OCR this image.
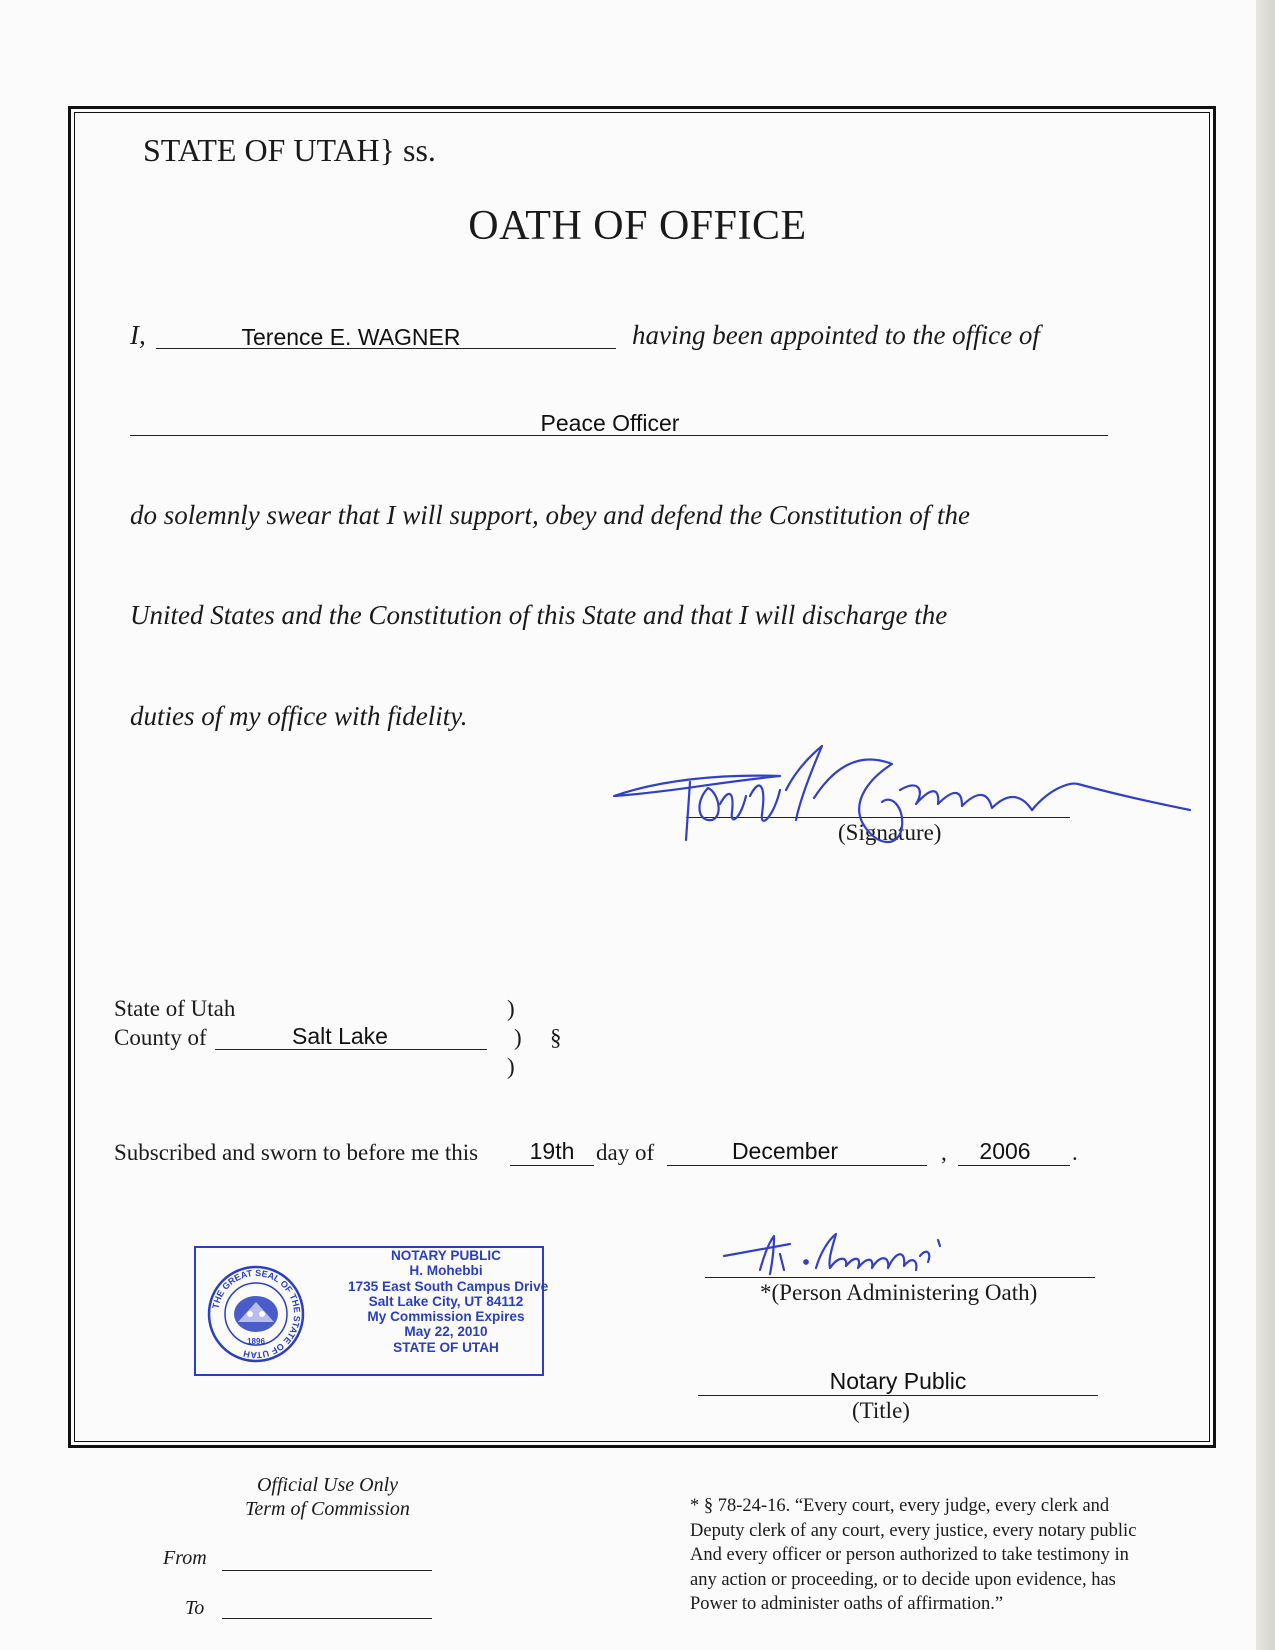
STATE OF UTAH} ss.
OATH OF OFFICE
I,	Terence E. WAGNER	having been appointed to the office of
Peace Officer
do solemnly swear that I will support, obey and defend the Constitution of the
United States and the Constitution of this State and that I will discharge the
duties of my office with fidelity.
(Signature)
State of Utah
County of	Salt Lake
)
) §
)
Subscribed and sworn to before me this	19th day of	December	,	2006	.
THE GREAT SEAL OF THE STATE OF UTAH
1896
NOTARY PUBLIC
H. Mohebbi
1735 East South Campus Drive
Salt Lake City, UT 84112
My Commission Expires
May 22, 2010
STATE OF UTAH
*(Person Administering Oath)
Notary Public
(Title)
Official Use Only
Term of Commission
From
To
* § 78-24-16. “Every court, every judge, every clerk and
Deputy clerk of any court, every justice, every notary public
And every officer or person authorized to take testimony in
any action or proceeding, or to decide upon evidence, has
Power to administer oaths of affirmation.”
